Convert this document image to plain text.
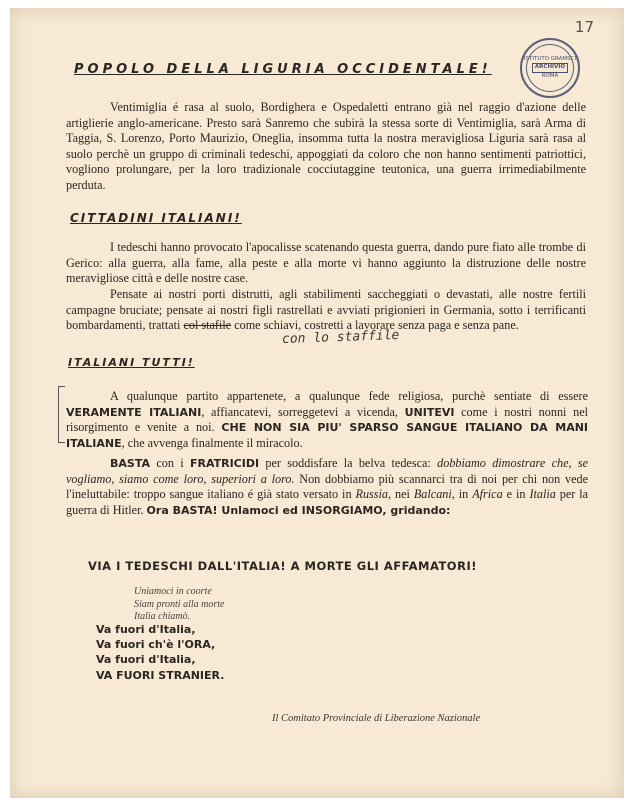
17
ISTITUTO GRAMSCI
ARCHIVIO
ROMA
POPOLO DELLA LIGURIA OCCIDENTALE!
Ventimiglia é rasa al suolo, Bordighera e Ospedaletti entrano già nel raggio d'azione delle artiglierie anglo-americane. Presto sarà Sanremo che subirà la stessa sorte di Ventimiglia, sarà Arma di Taggia, S. Lorenzo, Porto Maurizio, Oneglia, insomma tutta la nostra meravigliosa Liguria sarà rasa al suolo perchè un gruppo di criminali tedeschi, appoggiati da coloro che non hanno sentimenti patriottici, vogliono prolungare, per la loro tradizionale cocciutaggine teutonica, una guerra irrimediabilmente perduta.
CITTADINI ITALIANI!
I tedeschi hanno provocato l'apocalisse scatenando questa guerra, dando pure fiato alle trombe di Gerico: alla guerra, alla fame, alla peste e alla morte vi hanno aggiunto la distruzione delle nostre meravigliose città e delle nostre case.
Pensate ai nostri porti distrutti, agli stabilimenti saccheggiati o devastati, alle nostre fertili campagne bruciate; pensate ai nostri figli rastrellati e avviati prigionieri in Germania, sotto i terrificanti bombardamenti, trattati col stafile come schiavi, costretti a lavorare senza paga e senza pane.
con lo staffile
ITALIANI TUTTI!
A qualunque partito appartenete, a qualunque fede religiosa, purchè sentiate di essere VERAMENTE ITALIANI, affiancatevi, sorreggetevi a vicenda, UNITEVI come i nostri nonni nel risorgimento e venite a noi. CHE NON SIA PIU' SPARSO SANGUE ITALIANO DA MANI ITALIANE, che avvenga finalmente il miracolo.
BASTA con i FRATRICIDI per soddisfare la belva tedesca: dobbiamo dimostrare che, se vogliamo, siamo come loro, superiori a loro. Non dobbiamo più scannarci tra di noi per chi non vede l'ineluttabile: troppo sangue italiano é già stato versato in Russia, nei Balcani, in Africa e in Italia per la guerra di Hitler. Ora BASTA! Unlamoci ed INSORGIAMO, gridando:
VIA I TEDESCHI DALL'ITALIA! A MORTE GLI AFFAMATORI!
Uniamoci in coorte
Siam pronti alla morte
Italia chiamò.
Va fuori d'Italia,
Va fuori ch'è l'ORA,
Va fuori d'Italia,
VA FUORI STRANIER.
Il Comitato Provinciale di Liberazione Nazionale
